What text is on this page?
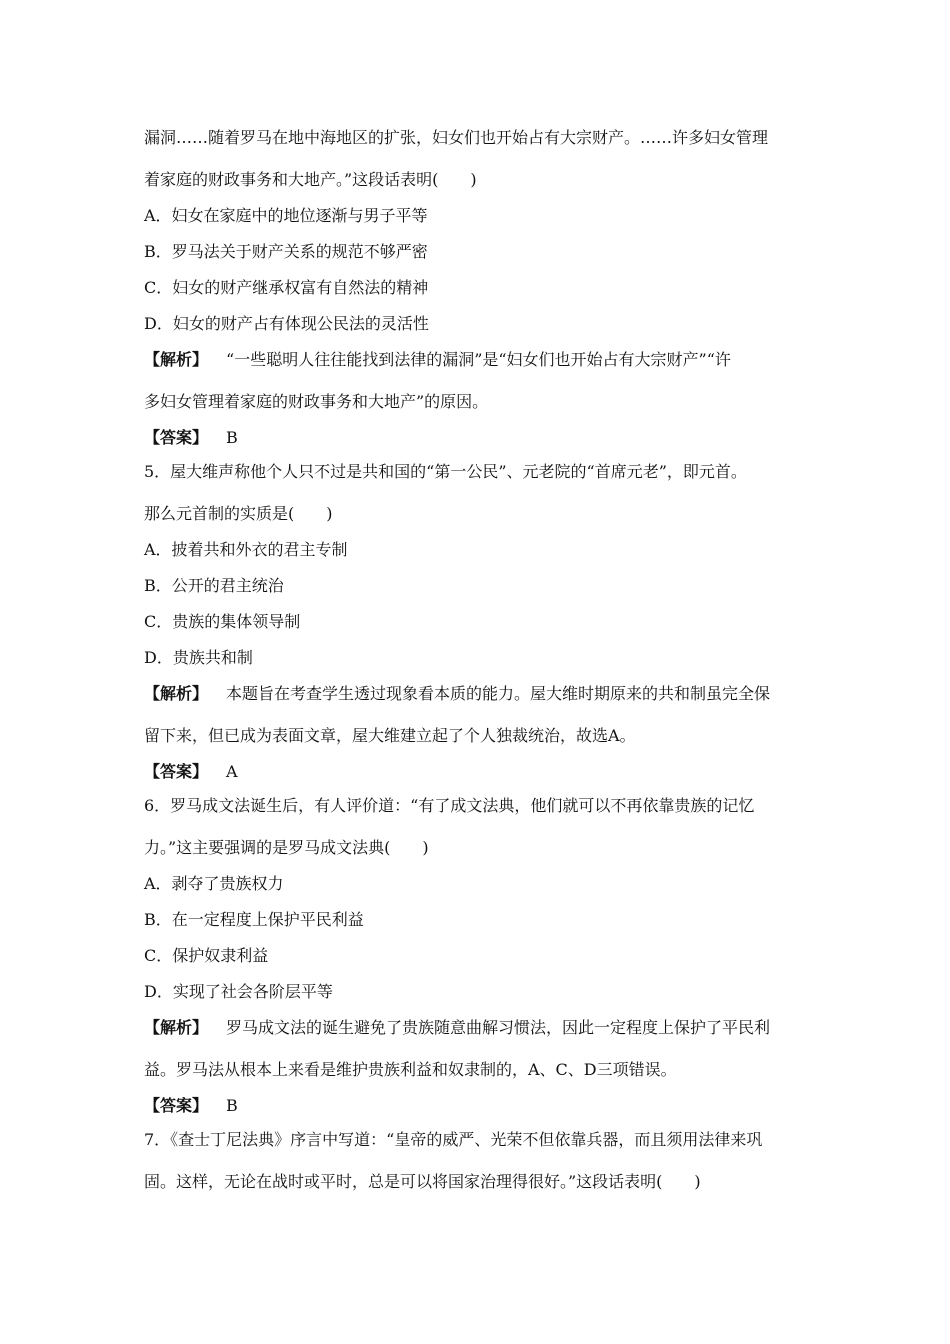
漏洞……随着罗马在地中海地区的扩张，妇女们也开始占有大宗财产。……许多妇女管理
着家庭的财政事务和大地产。”这段话表明(　　)
A．妇女在家庭中的地位逐渐与男子平等
B．罗马法关于财产关系的规范不够严密
C．妇女的财产继承权富有自然法的精神
D．妇女的财产占有体现公民法的灵活性
【解析】 “一些聪明人往往能找到法律的漏洞”是“妇女们也开始占有大宗财产”“许
多妇女管理着家庭的财政事务和大地产”的原因。
【答案】 B
5．屋大维声称他个人只不过是共和国的“第一公民”、元老院的“首席元老”，即元首。
那么元首制的实质是(　　)
A．披着共和外衣的君主专制
B．公开的君主统治
C．贵族的集体领导制
D．贵族共和制
【解析】 本题旨在考查学生透过现象看本质的能力。屋大维时期原来的共和制虽完全保
留下来，但已成为表面文章，屋大维建立起了个人独裁统治，故选A。
【答案】 A
6．罗马成文法诞生后，有人评价道：“有了成文法典，他们就可以不再依靠贵族的记忆
力。”这主要强调的是罗马成文法典(　　)
A．剥夺了贵族权力
B．在一定程度上保护平民利益
C．保护奴隶利益
D．实现了社会各阶层平等
【解析】 罗马成文法的诞生避免了贵族随意曲解习惯法，因此一定程度上保护了平民利
益。罗马法从根本上来看是维护贵族利益和奴隶制的，A、C、D三项错误。
【答案】 B
7．《查士丁尼法典》序言中写道：“皇帝的威严、光荣不但依靠兵器，而且须用法律来巩
固。这样，无论在战时或平时，总是可以将国家治理得很好。”这段话表明(　　)
